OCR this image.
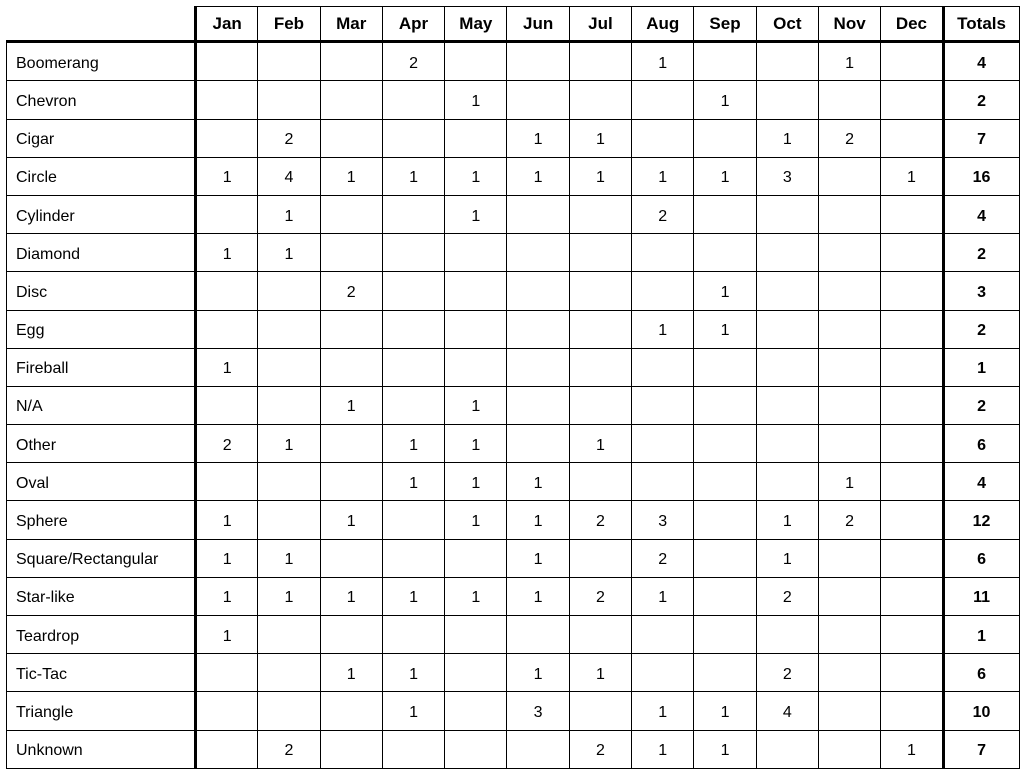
	Jan	Feb	Mar	Apr	May	Jun	Jul	Aug	Sep	Oct	Nov	Dec	Totals
Boomerang				2				1			1		4
Chevron					1				1				2
Cigar		2				1	1			1	2		7
Circle	1	4	1	1	1	1	1	1	1	3		1	16
Cylinder		1			1			2					4
Diamond	1	1											2
Disc			2						1				3
Egg								1	1				2
Fireball	1												1
N/A			1		1								2
Other	2	1		1	1		1						6
Oval				1	1	1					1		4
Sphere	1		1		1	1	2	3		1	2		12
Square/Rectangular	1	1				1		2		1			6
Star-like	1	1	1	1	1	1	2	1		2			11
Teardrop	1												1
Tic-Tac			1	1		1	1			2			6
Triangle				1		3		1	1	4			10
Unknown		2					2	1	1			1	7
